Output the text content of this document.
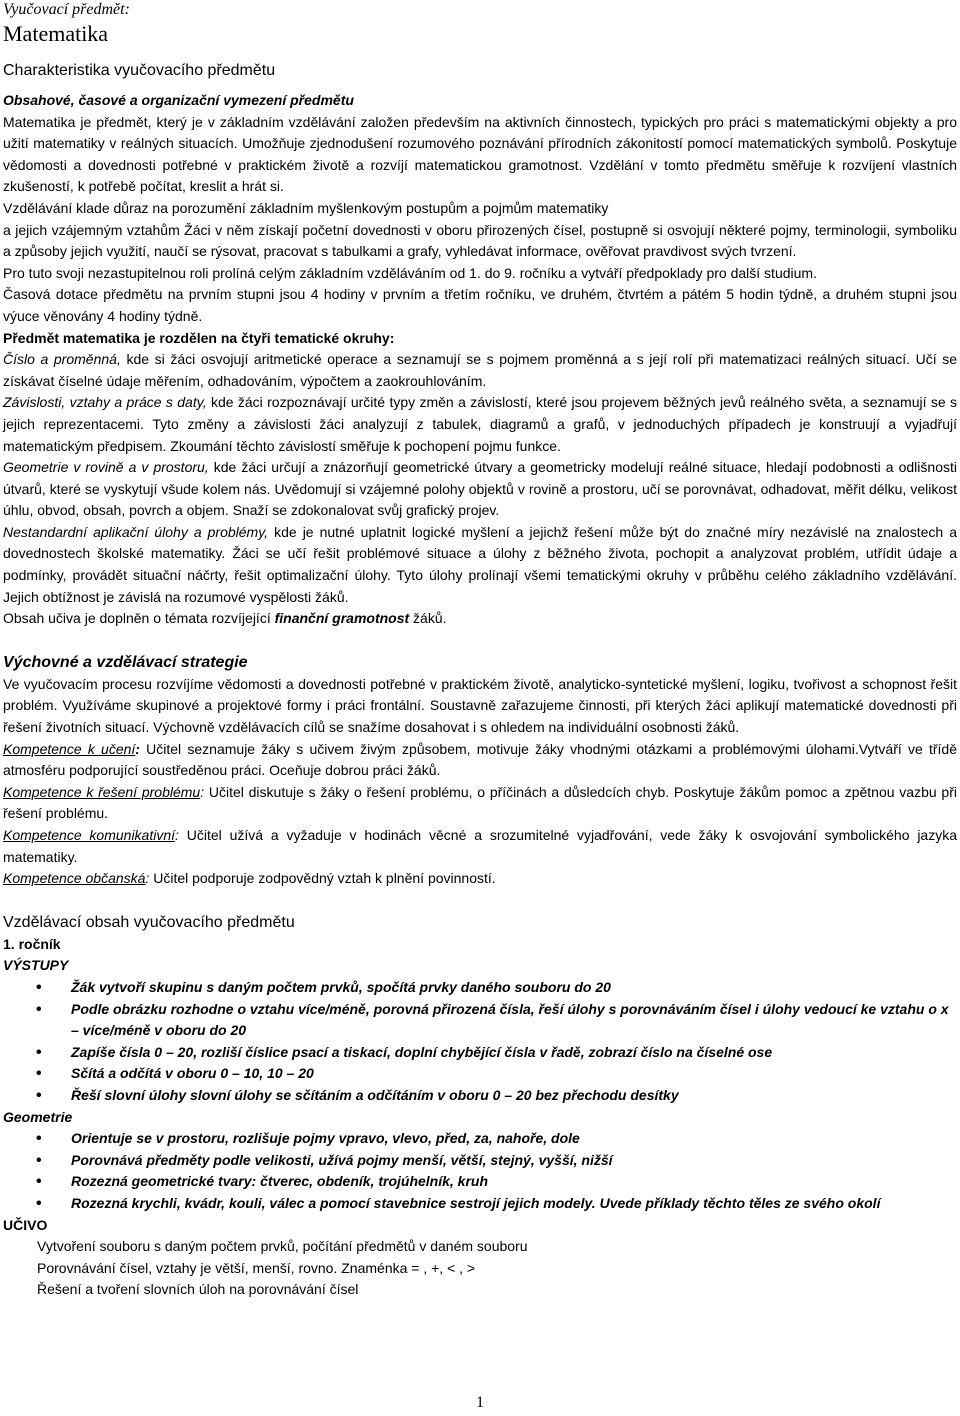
Vyučovací předmět:
Matematika
Charakteristika vyučovacího předmětu
Obsahové, časové a organizační vymezení předmětu

Matematika je předmět, který je v základním vzdělávání založen především na aktivních činnostech, typických pro práci s matematickými objekty a pro užití matematiky v reálných situacích. Umožňuje zjednodušení rozumového poznávání přírodních zákonitostí pomocí matematických symbolů. Poskytuje vědomosti a dovednosti potřebné v praktickém životě a rozvíjí matematickou gramotnost. Vzdělání v tomto předmětu směřuje k rozvíjení vlastních zkušeností, k potřebě počítat, kreslit a hrát si.

Vzdělávání klade důraz na porozumění základním myšlenkovým postupům a pojmům matematiky

a jejich vzájemným vztahům Žáci v něm získají početní dovednosti v oboru přirozených čísel, postupně si osvojují některé pojmy, terminologii, symboliku a způsoby jejich využití, naučí se rýsovat, pracovat s tabulkami a grafy, vyhledávat informace, ověřovat pravdivost svých tvrzení.

Pro tuto svoji nezastupitelnou roli prolíná celým základním vzděláváním od 1. do 9. ročníku a vytváří předpoklady pro další studium.

Časová dotace předmětu na prvním stupni jsou 4 hodiny v prvním a třetím ročníku, ve druhém, čtvrtém a pátém 5 hodin týdně, a druhém stupni jsou výuce věnovány 4 hodiny týdně.

Předmět matematika je rozdělen na čtyři tematické okruhy:

Číslo a proměnná, kde si žáci osvojují aritmetické operace a seznamují se s pojmem proměnná a s její rolí při matematizaci reálných situací. Učí se získávat číselné údaje měřením, odhadováním, výpočtem a zaokrouhlováním.

Závislosti, vztahy a práce s daty, kde žáci rozpoznávají určité typy změn a závislostí, které jsou projevem běžných jevů reálného světa, a seznamují se s jejich reprezentacemi. Tyto změny a závislosti žáci analyzují z tabulek, diagramů a grafů, v jednoduchých případech je konstruují a vyjadřují matematickým předpisem. Zkoumání těchto závislostí směřuje k pochopení pojmu funkce.

Geometrie v rovině a v prostoru, kde žáci určují a znázorňují geometrické útvary a geometricky modelují reálné situace, hledají podobnosti a odlišnosti útvarů, které se vyskytují všude kolem nás. Uvědomují si vzájemné polohy objektů v rovině a prostoru, učí se porovnávat, odhadovat, měřit délku, velikost úhlu, obvod, obsah, povrch a objem. Snaží se zdokonalovat svůj grafický projev.

Nestandardní aplikační úlohy a problémy, kde je nutné uplatnit logické myšlení a jejichž řešení může být do značné míry nezávislé na znalostech a dovednostech školské matematiky. Žáci se učí řešit problémové situace a úlohy z běžného života, pochopit a analyzovat problém, utřídit údaje a podmínky, provádět situační náčrty, řešit optimalizační úlohy. Tyto úlohy prolínají všemi tematickými okruhy v průběhu celého základního vzdělávání. Jejich obtížnost je závislá na rozumové vyspělosti žáků.

Obsah učiva je doplněn o témata rozvíjející finanční gramotnost žáků.

Výchovné a vzdělávací strategie

Ve vyučovacím procesu rozvíjíme vědomosti a dovednosti potřebné v praktickém životě, analyticko-syntetické myšlení, logiku, tvořivost a schopnost řešit problém. Využíváme skupinové a projektové formy i práci frontální. Soustavně zařazujeme činnosti, při kterých žáci aplikují matematické dovednosti při řešení životních situací. Výchovně vzdělávacích cílů se snažíme dosahovat i s ohledem na individuální osobnosti žáků.

Kompetence k učení: Učitel seznamuje žáky s učivem živým způsobem, motivuje žáky vhodnými otázkami a problémovými úlohami.Vytváří ve třídě atmosféru podporující soustředěnou práci. Oceňuje dobrou práci žáků.

Kompetence k řešení problému: Učitel diskutuje s žáky o řešení problému, o příčinách a důsledcích chyb. Poskytuje žákům pomoc a zpětnou vazbu při řešení problému.

Kompetence komunikativní: Učitel užívá a vyžaduje v hodinách věcné a srozumitelné vyjadřování, vede žáky k osvojování symbolického jazyka matematiky.

Kompetence občanská: Učitel podporuje zodpovědný vztah k plnění povinností.

Vzdělávací obsah vyučovacího předmětu
1. ročník
VÝSTUPY
• Žák vytvoří skupinu s daným počtem prvků, spočítá prvky daného souboru do 20
• Podle obrázku rozhodne o vztahu více/méně, porovná přirozená čísla, řeší úlohy s porovnáváním čísel i úlohy vedoucí ke vztahu o x – více/méně v oboru do 20
• Zapíše čísla 0 – 20, rozliší číslice psací a tiskací, doplní chybějící čísla v řadě, zobrazí číslo na číselné ose
• Sčítá a odčítá v oboru 0 – 10, 10 – 20
• Řeší slovní úlohy slovní úlohy se sčítáním a odčítáním v oboru 0 – 20 bez přechodu desítky
Geometrie
• Orientuje se v prostoru, rozlišuje pojmy vpravo, vlevo, před, za, nahoře, dole
• Porovnává předměty podle velikosti, užívá pojmy menší, větší, stejný, vyšší, nižší
• Rozezná geometrické tvary: čtverec, obdeník, trojúhelník, kruh
• Rozezná krychli, kvádr, kouli, válec a pomocí stavebnice sestrojí jejich modely. Uvede příklady těchto těles ze svého okolí
UČIVO
Vytvoření souboru s daným počtem prvků, počítání předmětů v daném souboru
Porovnávání čísel, vztahy je větší, menší, rovno. Znaménka = , +, < , >
Řešení a tvoření slovních úloh na porovnávání čísel
1
